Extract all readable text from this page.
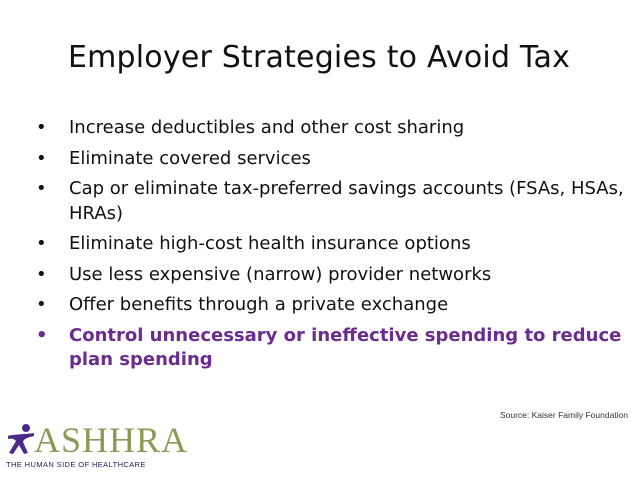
Employer Strategies to Avoid Tax
• Increase deductibles and other cost sharing
• Eliminate covered services
• Cap or eliminate tax-preferred savings accounts (FSAs, HSAs, HRAs)
• Eliminate high-cost health insurance options
• Use less expensive (narrow) provider networks
• Offer benefits through a private exchange
• Control unnecessary or ineffective spending to reduce plan spending
Source: Kaiser Family Foundation
ASHHRA
THE HUMAN SIDE OF HEALTHCARE
